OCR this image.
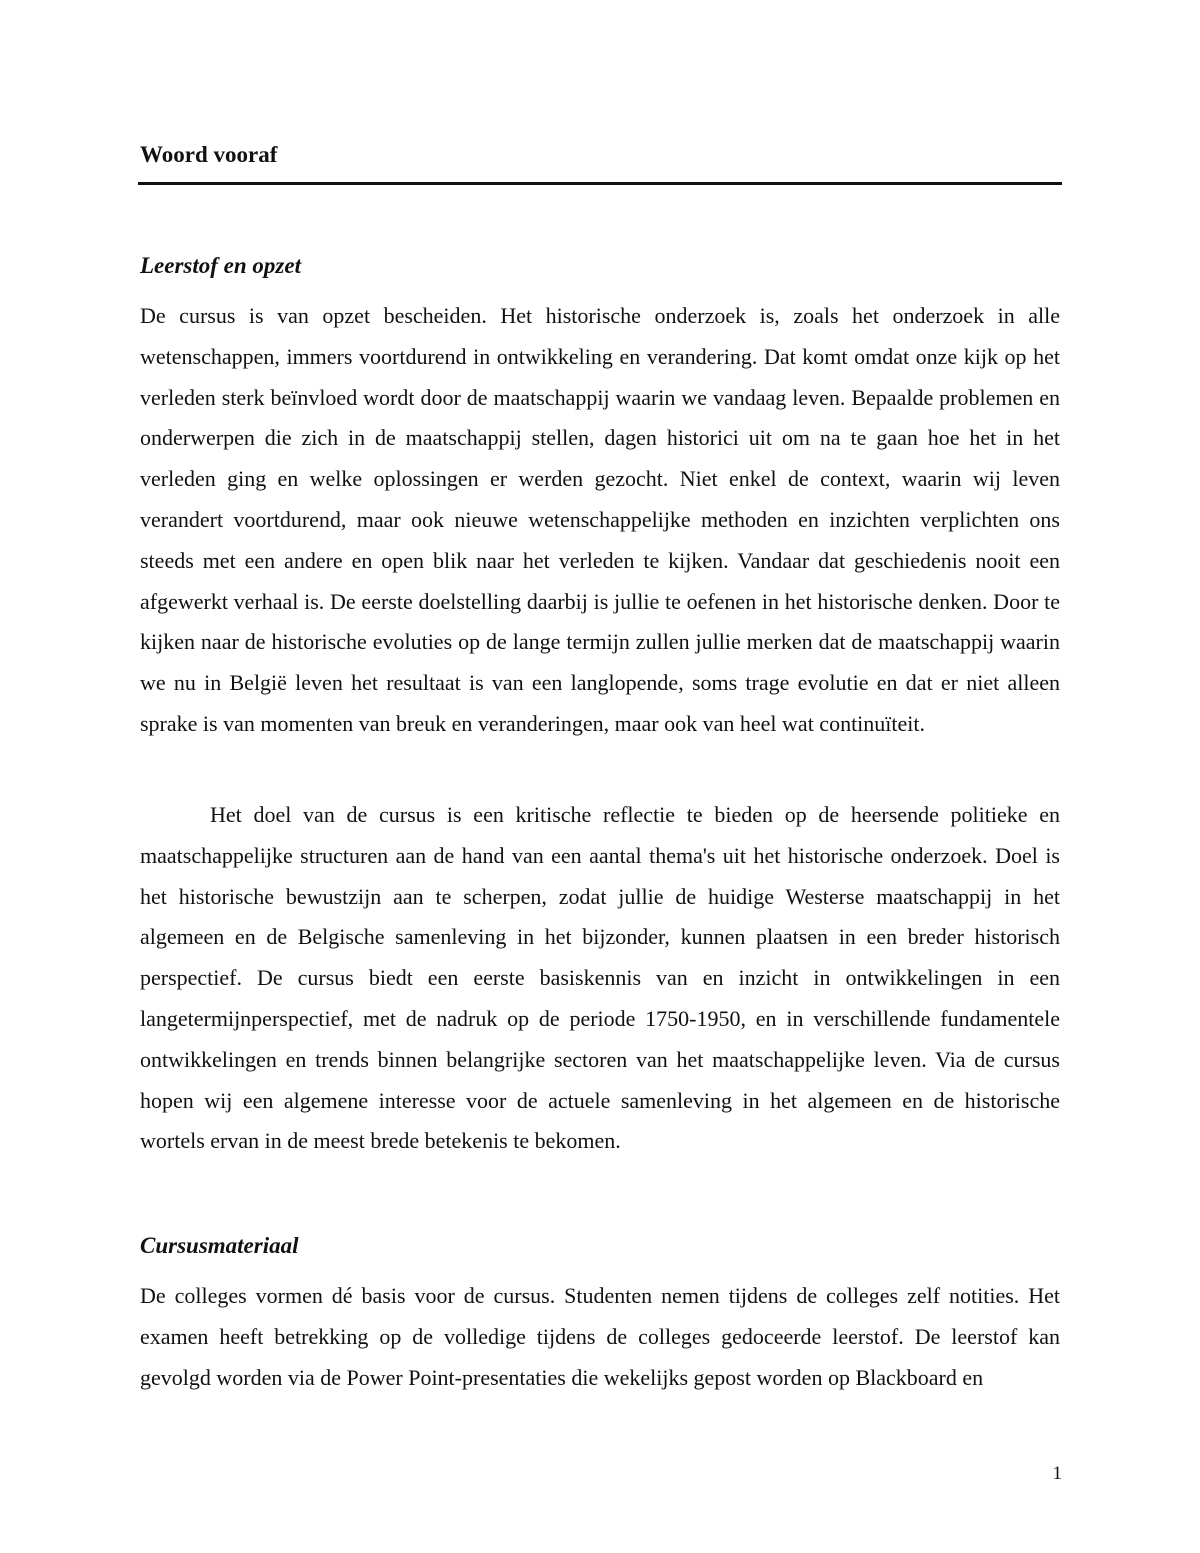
Woord vooraf
Leerstof en opzet

De cursus is van opzet bescheiden. Het historische onderzoek is, zoals het onderzoek in alle wetenschappen, immers voortdurend in ontwikkeling en verandering. Dat komt omdat onze kijk op het verleden sterk beïnvloed wordt door de maatschappij waarin we vandaag leven. Bepaalde problemen en onderwerpen die zich in de maatschappij stellen, dagen historici uit om na te gaan hoe het in het verleden ging en welke oplossingen er werden gezocht. Niet enkel de context, waarin wij leven verandert voortdurend, maar ook nieuwe wetenschappelijke methoden en inzichten verplichten ons steeds met een andere en open blik naar het verleden te kijken. Vandaar dat geschiedenis nooit een afgewerkt verhaal is. De eerste doelstelling daarbij is jullie te oefenen in het historische denken. Door te kijken naar de historische evoluties op de lange termijn zullen jullie merken dat de maatschappij waarin we nu in België leven het resultaat is van een langlopende, soms trage evolutie en dat er niet alleen sprake is van momenten van breuk en veranderingen, maar ook van heel wat continuïteit.

Het doel van de cursus is een kritische reflectie te bieden op de heersende politieke en maatschappelijke structuren aan de hand van een aantal thema's uit het historische onderzoek. Doel is het historische bewustzijn aan te scherpen, zodat jullie de huidige Westerse maatschappij in het algemeen en de Belgische samenleving in het bijzonder, kunnen plaatsen in een breder historisch perspectief. De cursus biedt een eerste basiskennis van en inzicht in ontwikkelingen in een langetermijnperspectief, met de nadruk op de periode 1750-1950, en in verschillende fundamentele ontwikkelingen en trends binnen belangrijke sectoren van het maatschappelijke leven. Via de cursus hopen wij een algemene interesse voor de actuele samenleving in het algemeen en de historische wortels ervan in de meest brede betekenis te bekomen.

Cursusmateriaal

De colleges vormen dé basis voor de cursus. Studenten nemen tijdens de colleges zelf notities. Het examen heeft betrekking op de volledige tijdens de colleges gedoceerde leerstof. De leerstof kan gevolgd worden via de Power Point-presentaties die wekelijks gepost worden op Blackboard en

1
